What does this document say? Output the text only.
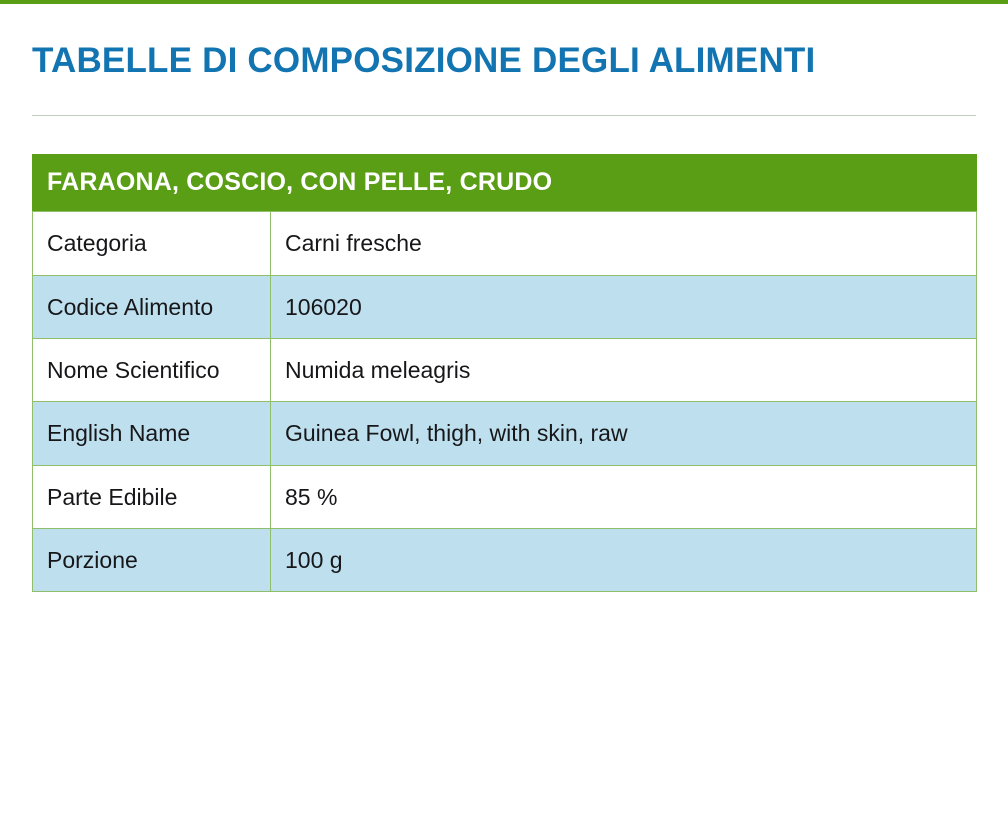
TABELLE DI COMPOSIZIONE DEGLI ALIMENTI
FARAONA, COSCIO, CON PELLE, CRUDO
Categoria	Carni fresche
Codice Alimento	106020
Nome Scientifico	Numida meleagris
English Name	Guinea Fowl, thigh, with skin, raw
Parte Edibile	85 %
Porzione	100 g
